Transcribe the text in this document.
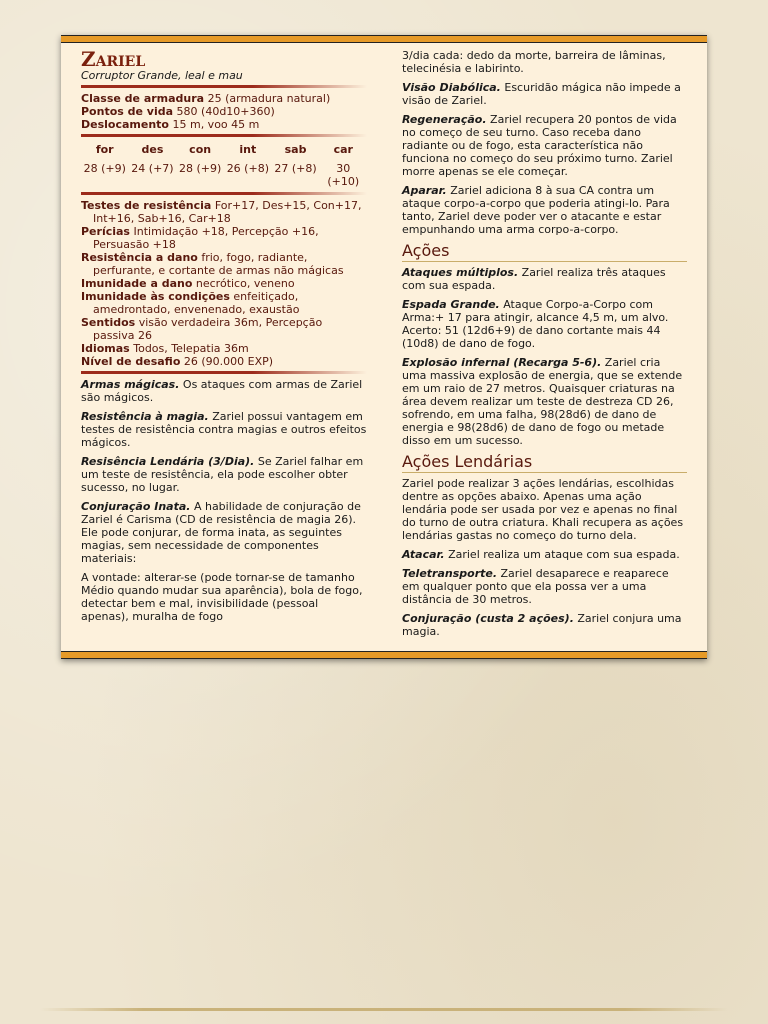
Zariel
Corruptor Grande, leal e mau
Classe de armadura 25 (armadura natural)
Pontos de vida 580 (40d10+360)
Deslocamento 15 m, voo 45 m
for	des	con	int	sab	car
28 (+9) 24 (+7) 28 (+9) 26 (+8) 27 (+8)	30 (+10)
Testes de resistência For+17, Des+15, Con+17, Int+16, Sab+16, Car+18
Perícias Intimidação +18, Percepção +16, Persuasão +18
Resistência a dano frio, fogo, radiante, perfurante, e cortante de armas não mágicas
Imunidade a dano necrótico, veneno
Imunidade às condições enfeitiçado, amedrontado, envenenado, exaustão
Sentidos visão verdadeira 36m, Percepção passiva 26
Idiomas Todos, Telepatia 36m
Nível de desafio 26 (90.000 EXP)

Armas mágicas. Os ataques com armas de Zariel são mágicos.

Resistência à magia. Zariel possui vantagem em testes de resistência contra magias e outros efeitos mágicos.

Resisência Lendária (3/Dia). Se Zariel falhar em um teste de resistência, ela pode escolher obter sucesso, no lugar.

Conjuração Inata. A habilidade de conjuração de Zariel é Carisma (CD de resistência de magia 26). Ele pode conjurar, de forma inata, as seguintes magias, sem necessidade de componentes materiais:

A vontade: alterar-se (pode tornar-se de tamanho Médio quando mudar sua aparência), bola de fogo, detectar bem e mal, invisibilidade (pessoal apenas), muralha de fogo

3/dia cada: dedo da morte, barreira de lâminas, telecinésia e labirinto.

Visão Diabólica. Escuridão mágica não impede a visão de Zariel.

Regeneração. Zariel recupera 20 pontos de vida no começo de seu turno. Caso receba dano radiante ou de fogo, esta característica não funciona no começo do seu próximo turno. Zariel morre apenas se ele começar.

Aparar. Zariel adiciona 8 à sua CA contra um ataque corpo-a-corpo que poderia atingi-lo. Para tanto, Zariel deve poder ver o atacante e estar empunhando uma arma corpo-a-corpo.

Ações

Ataques múltiplos. Zariel realiza três ataques com sua espada.

Espada Grande. Ataque Corpo-a-Corpo com Arma:+ 17 para atingir, alcance 4,5 m, um alvo. Acerto: 51 (12d6+9) de dano cortante mais 44 (10d8) de dano de fogo.

Explosão infernal (Recarga 5-6). Zariel cria uma massiva explosão de energia, que se extende em um raio de 27 metros. Quaisquer criaturas na área devem realizar um teste de destreza CD 26, sofrendo, em uma falha, 98(28d6) de dano de energia e 98(28d6) de dano de fogo ou metade disso em um sucesso.

Ações Lendárias

Zariel pode realizar 3 ações lendárias, escolhidas dentre as opções abaixo. Apenas uma ação lendária pode ser usada por vez e apenas no final do turno de outra criatura. Khali recupera as ações lendárias gastas no começo do turno dela.

Atacar. Zariel realiza um ataque com sua espada.

Teletransporte. Zariel desaparece e reaparece em qualquer ponto que ela possa ver a uma distância de 30 metros.

Conjuração (custa 2 ações). Zariel conjura uma magia.
